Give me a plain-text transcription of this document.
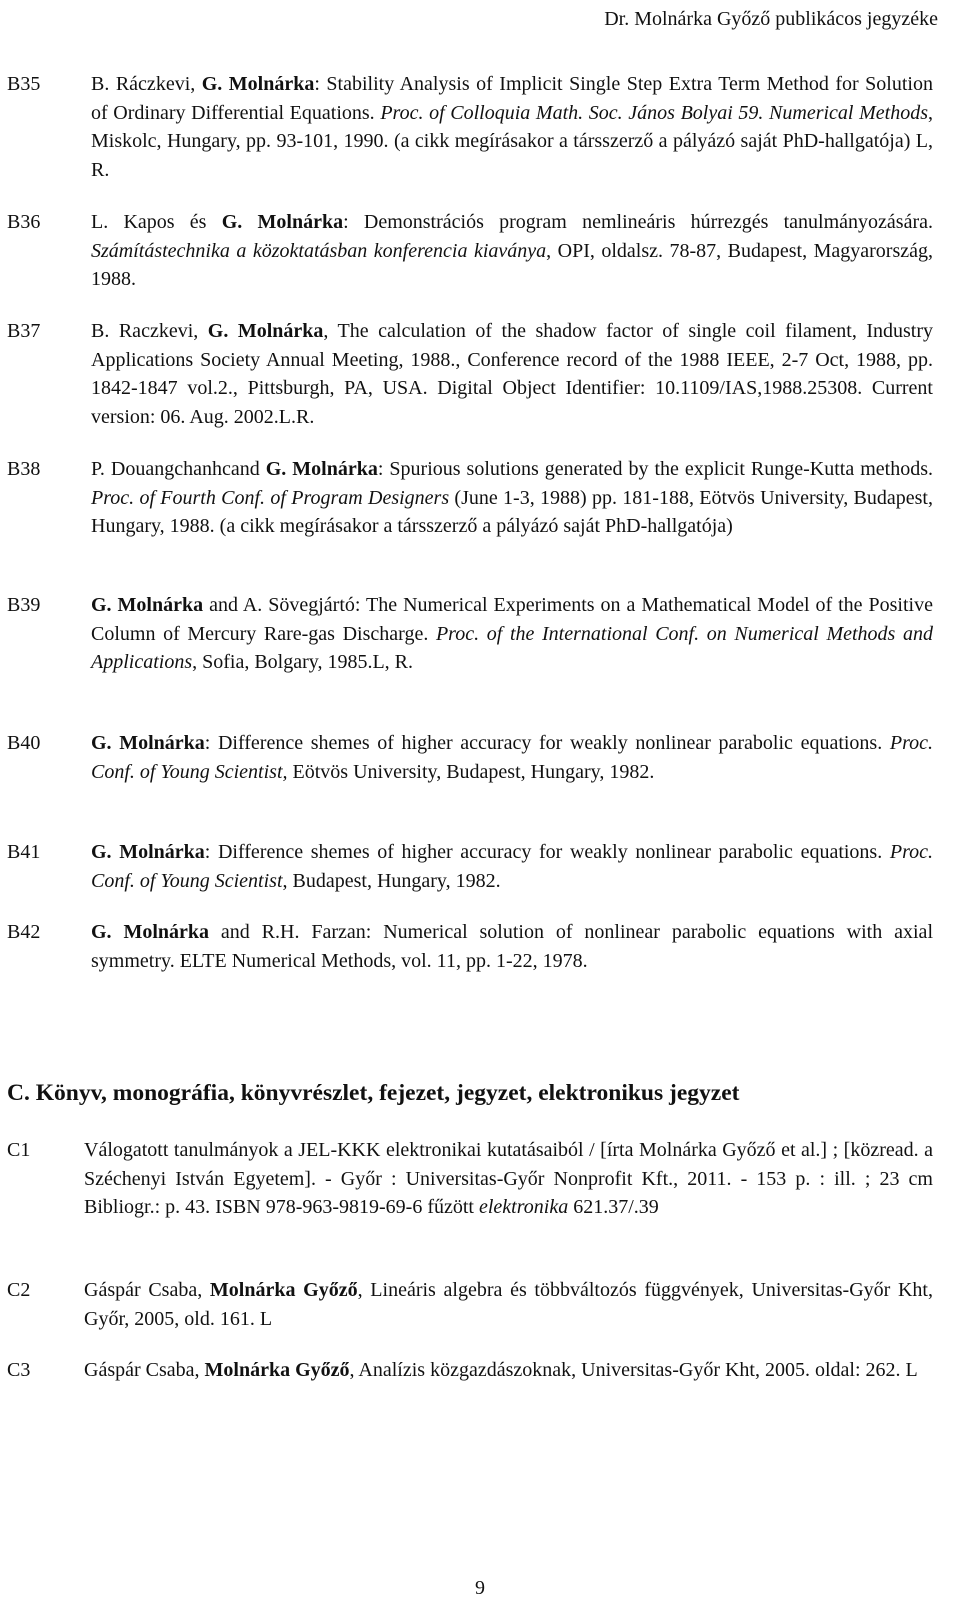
Dr. Molnárka Győző publikácos jegyzéke
B35	B. Ráczkevi, G. Molnárka: Stability Analysis of Implicit Single Step Extra Term Method for Solution of Ordinary Differential Equations. Proc. of Colloquia Math. Soc. János Bolyai 59. Numerical Methods, Miskolc, Hungary, pp. 93-101, 1990. (a cikk megírásakor a társszerző a pályázó saját PhD-hallgatója) L, R.
B36	L. Kapos és G. Molnárka: Demonstrációs program nemlineáris húrrezgés tanulmányozására. Számítástechnika a közoktatásban konferencia kiaványa, OPI, oldalsz. 78-87, Budapest, Magyarország, 1988.
B37	B. Raczkevi, G. Molnárka, The calculation of the shadow factor of single coil filament, Industry Applications Society Annual Meeting, 1988., Conference record of the 1988 IEEE, 2-7 Oct, 1988, pp. 1842-1847 vol.2., Pittsburgh, PA, USA. Digital Object Identifier: 10.1109/IAS,1988.25308. Current version: 06. Aug. 2002.L.R.
B38	P. Douangchanhcand G. Molnárka: Spurious solutions generated by the explicit Runge-Kutta methods. Proc. of Fourth Conf. of Program Designers (June 1-3, 1988) pp. 181-188, Eötvös University, Budapest, Hungary, 1988. (a cikk megírásakor a társszerző a pályázó saját PhD-hallgatója)
B39	G. Molnárka and A. Sövegjártó: The Numerical Experiments on a Mathematical Model of the Positive Column of Mercury Rare-gas Discharge. Proc. of the International Conf. on Numerical Methods and Applications, Sofia, Bolgary, 1985.L, R.
B40	G. Molnárka: Difference shemes of higher accuracy for weakly nonlinear parabolic equations. Proc. Conf. of Young Scientist, Eötvös University, Budapest, Hungary, 1982.
B41	G. Molnárka: Difference shemes of higher accuracy for weakly nonlinear parabolic equations. Proc. Conf. of Young Scientist, Budapest, Hungary, 1982.
B42	G. Molnárka and R.H. Farzan: Numerical solution of nonlinear parabolic equations with axial symmetry. ELTE Numerical Methods, vol. 11, pp. 1-22, 1978.
C. Könyv, monográfia, könyvrészlet, fejezet, jegyzet, elektronikus jegyzet
C1	Válogatott tanulmányok a JEL-KKK elektronikai kutatásaiból / [írta Molnárka Győző et al.] ; [közread. a Széchenyi István Egyetem]. - Győr : Universitas-Győr Nonprofit Kft., 2011. - 153 p. : ill. ; 23 cm Bibliogr.: p. 43. ISBN 978-963-9819-69-6 fűzött elektronika 621.37/.39
C2	Gáspár Csaba, Molnárka Győző, Lineáris algebra és többváltozós függvények, Universitas-Győr Kht, Győr, 2005, old. 161. L
C3	Gáspár Csaba, Molnárka Győző, Analízis közgazdászoknak, Universitas-Győr Kht, 2005. oldal: 262. L
9
